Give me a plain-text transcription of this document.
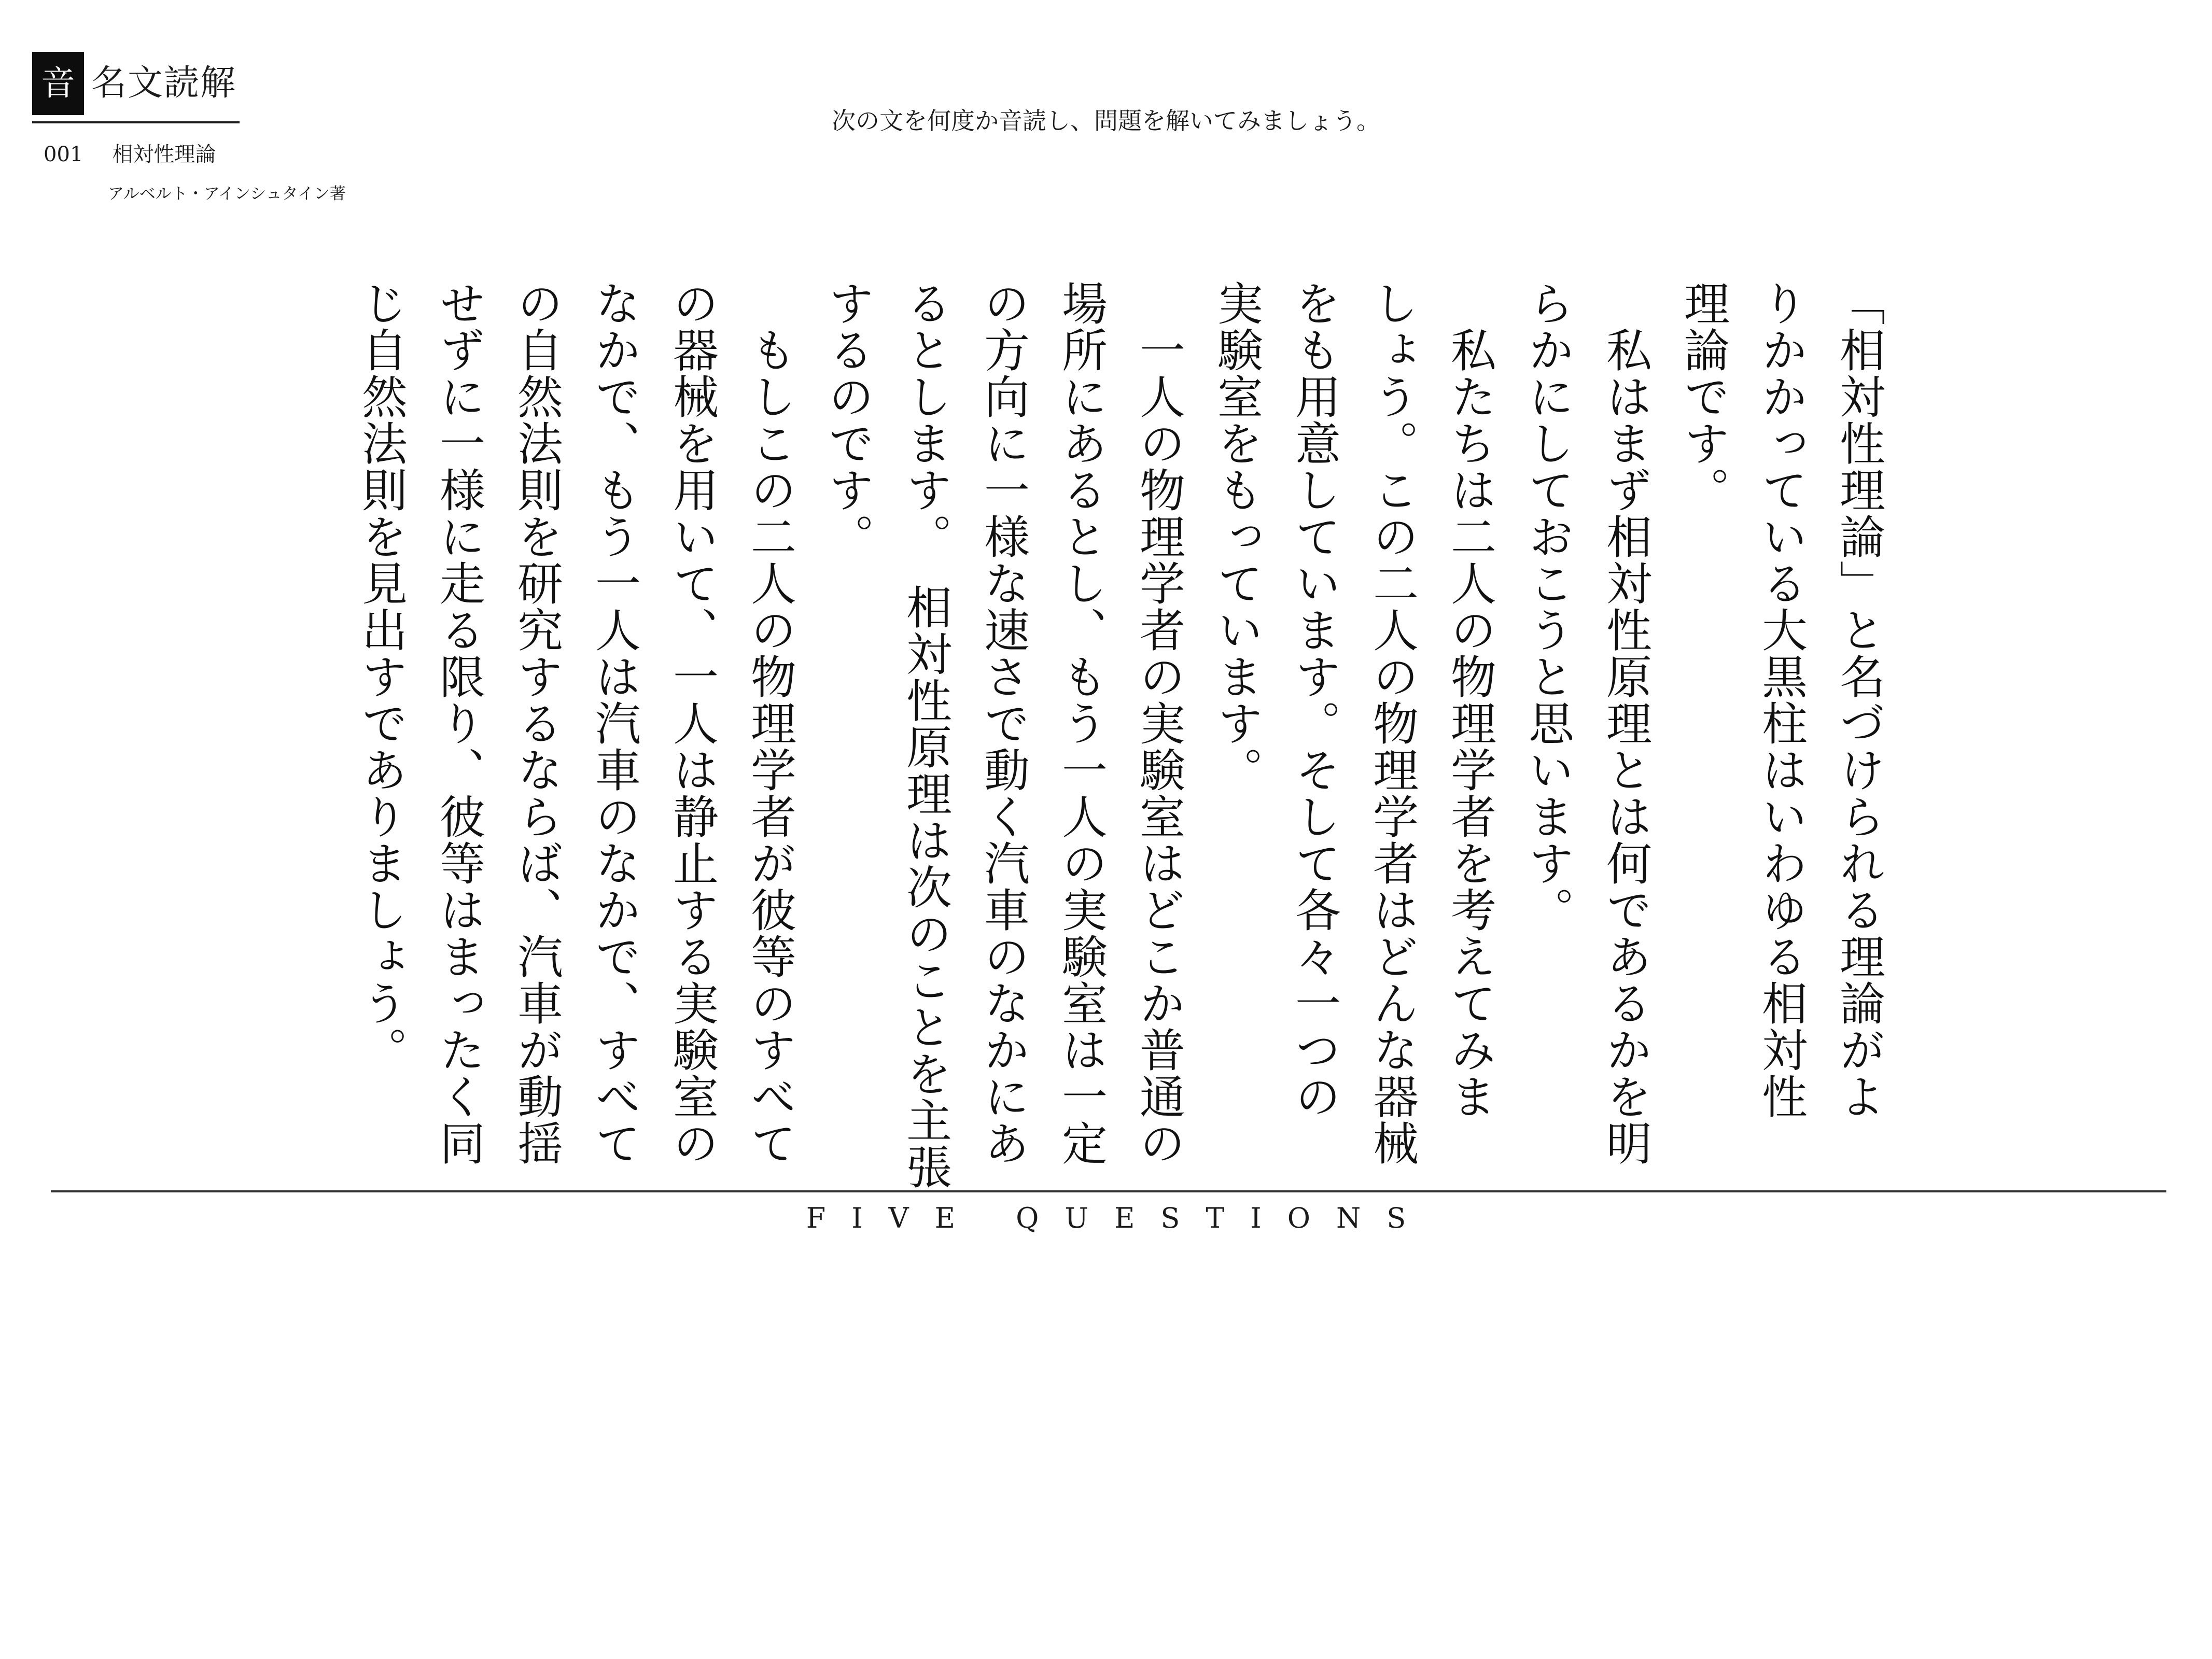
音 名文読解
001 相対性理論
アルベルト・アインシュタイン著
次の文を何度か音読し、問題を解いてみましょう。
「相対性理論」と名づけられる理論がよ
りかかっている大黒柱はいわゆる相対性
理論です。
　私はまず相対性原理とは何であるかを明
らかにしておこうと思います。
　私たちは二人の物理学者を考えてみま
しょう。この二人の物理学者はどんな器械
をも用意しています。そして各々一つの
実験室をもっています。
　一人の物理学者の実験室はどこか普通の
場所にあるとし、もう一人の実験室は一定
の方向に一様な速さで動く汽車のなかにあ
るとします。　相対性原理は次のことを主張
するのです。
　もしこの二人の物理学者が彼等のすべて
の器械を用いて、一人は静止する実験室の
なかで、もう一人は汽車のなかで、すべて
の自然法則を研究するならば、汽車が動揺
せずに一様に走る限り、彼等はまったく同
じ自然法則を見出すでありましょう。
FIVE QUESTIONS
